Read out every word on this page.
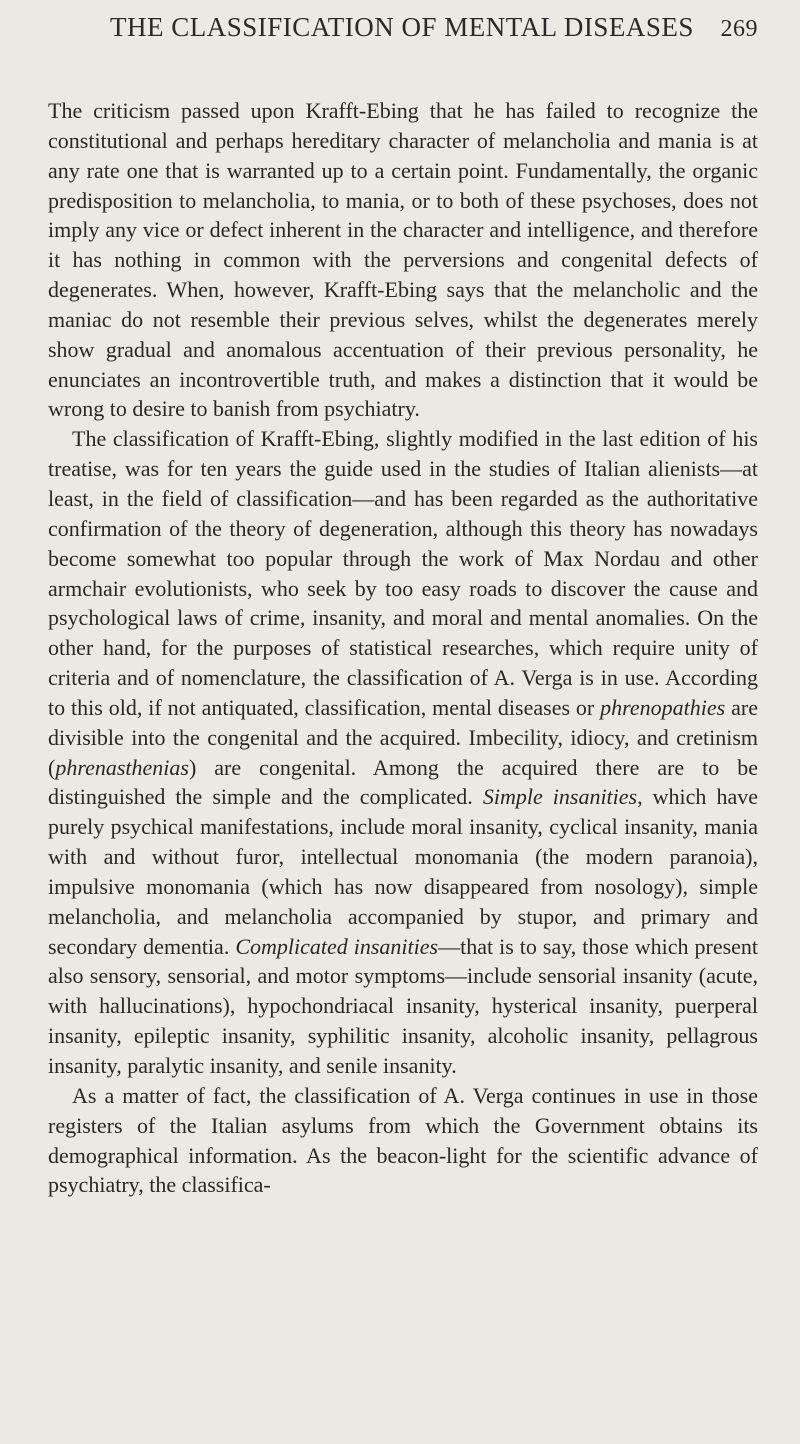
THE CLASSIFICATION OF MENTAL DISEASES 269

The criticism passed upon Krafft-Ebing that he has failed to recognize the constitutional and perhaps hereditary character of melancholia and mania is at any rate one that is warranted up to a certain point. Fundamentally, the organic predisposition to melancholia, to mania, or to both of these psychoses, does not imply any vice or defect inherent in the character and intelligence, and therefore it has nothing in common with the perversions and congenital defects of degenerates. When, however, Krafft-Ebing says that the melancholic and the maniac do not resemble their previous selves, whilst the degenerates merely show gradual and anomalous accentuation of their previous personality, he enunciates an incontrovertible truth, and makes a distinction that it would be wrong to desire to banish from psychiatry.

The classification of Krafft-Ebing, slightly modified in the last edition of his treatise, was for ten years the guide used in the studies of Italian alienists—at least, in the field of classification—and has been regarded as the authoritative confirmation of the theory of degeneration, although this theory has nowadays become somewhat too popular through the work of Max Nordau and other armchair evolutionists, who seek by too easy roads to discover the cause and psychological laws of crime, insanity, and moral and mental anomalies. On the other hand, for the purposes of statistical researches, which require unity of criteria and of nomenclature, the classification of A. Verga is in use. According to this old, if not antiquated, classification, mental diseases or phrenopathies are divisible into the congenital and the acquired. Imbecility, idiocy, and cretinism (phrenasthenias) are congenital. Among the acquired there are to be distinguished the simple and the complicated. Simple insanities, which have purely psychical manifestations, include moral insanity, cyclical insanity, mania with and without furor, intellectual monomania (the modern paranoia), impulsive monomania (which has now disappeared from nosology), simple melancholia, and melancholia accompanied by stupor, and primary and secondary dementia. Complicated insanities—that is to say, those which present also sensory, sensorial, and motor symptoms—include sensorial insanity (acute, with hallucinations), hypochondriacal insanity, hysterical insanity, puerperal insanity, epileptic insanity, syphilitic insanity, alcoholic insanity, pellagrous insanity, paralytic insanity, and senile insanity.

As a matter of fact, the classification of A. Verga continues in use in those registers of the Italian asylums from which the Government obtains its demographical information. As the beacon-light for the scientific advance of psychiatry, the classifica-
